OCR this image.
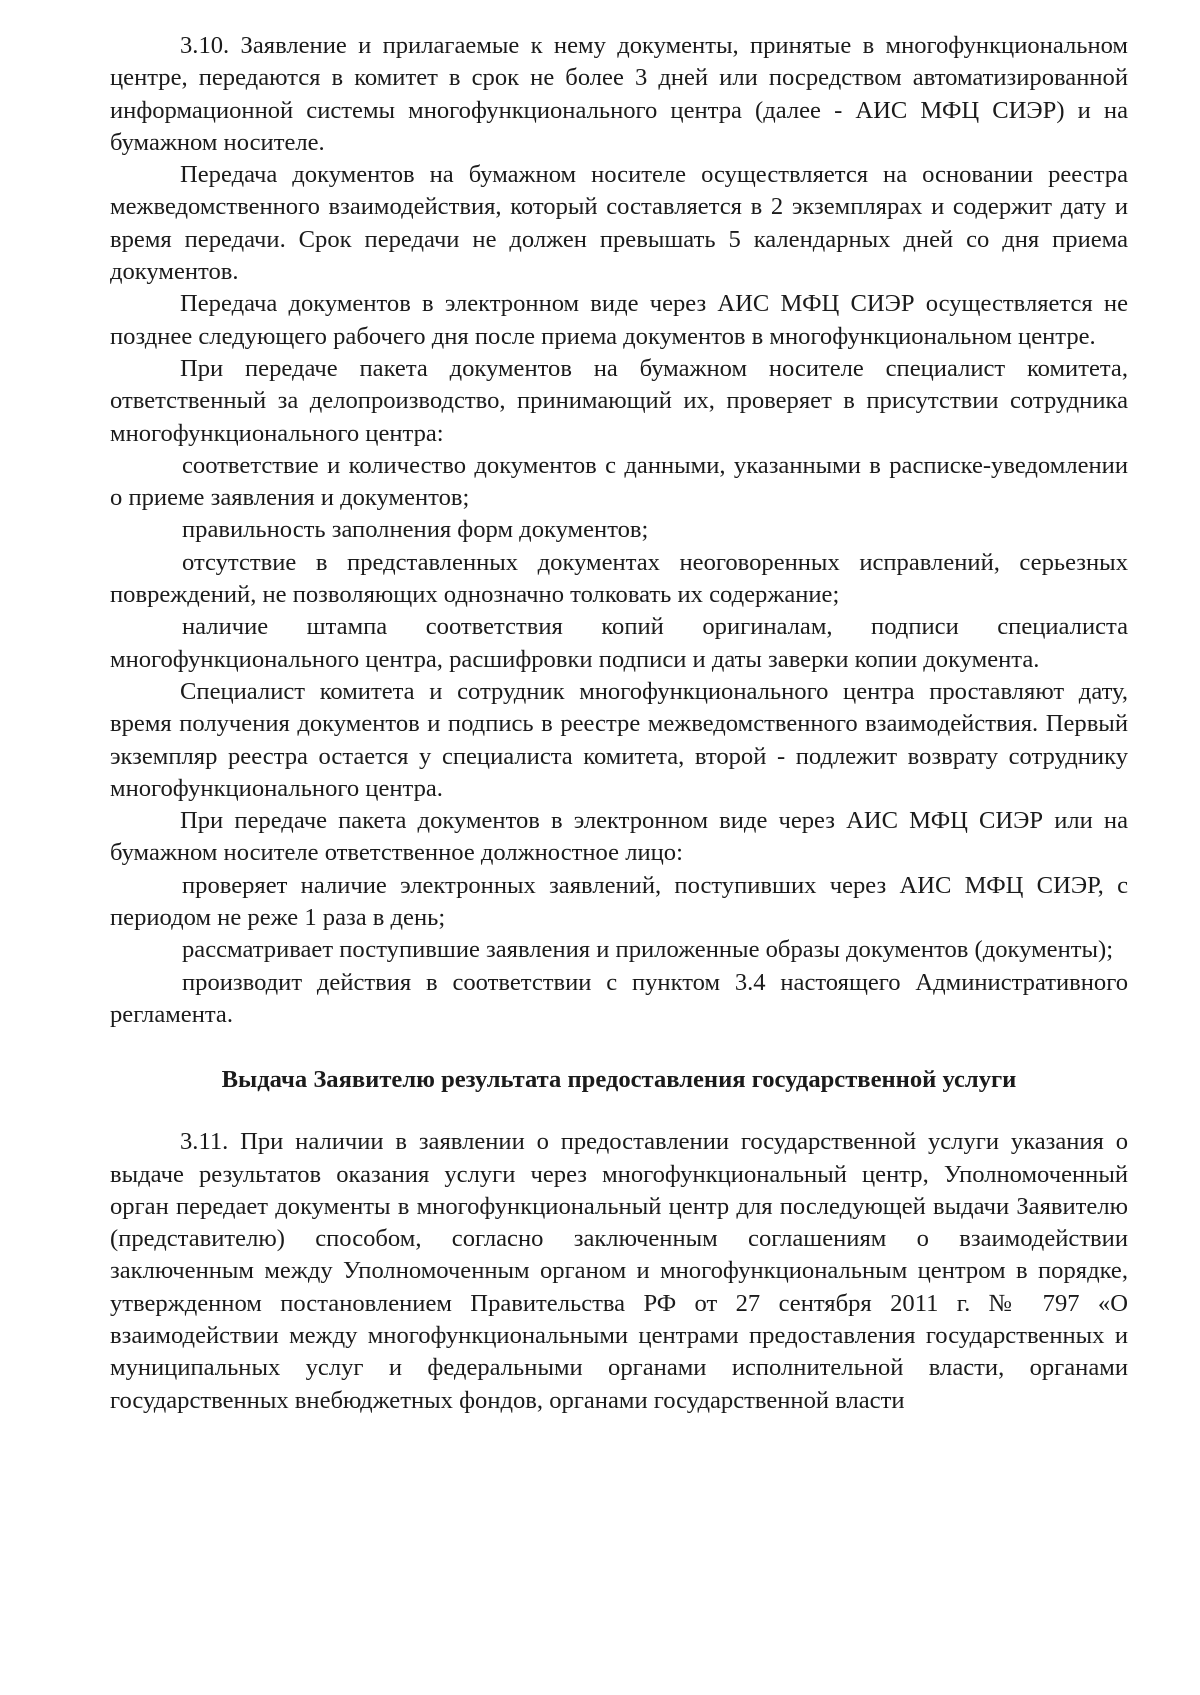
3.10. Заявление и прилагаемые к нему документы, принятые в многофункциональном центре, передаются в комитет в срок не более 3 дней или посредством автоматизированной информационной системы многофункционального центра (далее - АИС МФЦ СИЭР) и на бумажном носителе.

Передача документов на бумажном носителе осуществляется на основании реестра межведомственного взаимодействия, который составляется в 2 экземплярах и содержит дату и время передачи. Срок передачи не должен превышать 5 календарных дней со дня приема документов.

Передача документов в электронном виде через АИС МФЦ СИЭР осуществляется не позднее следующего рабочего дня после приема документов в многофункциональном центре.

При передаче пакета документов на бумажном носителе специалист комитета, ответственный за делопроизводство, принимающий их, проверяет в присутствии сотрудника многофункционального центра:

соответствие и количество документов с данными, указанными в расписке-уведомлении о приеме заявления и документов;

правильность заполнения форм документов;

отсутствие в представленных документах неоговоренных исправлений, серьезных повреждений, не позволяющих однозначно толковать их содержание;

наличие штампа соответствия копий оригиналам, подписи специалиста многофункционального центра, расшифровки подписи и даты заверки копии документа.

Специалист комитета и сотрудник многофункционального центра проставляют дату, время получения документов и подпись в реестре межведомственного взаимодействия. Первый экземпляр реестра остается у специалиста комитета, второй - подлежит возврату сотруднику многофункционального центра.

При передаче пакета документов в электронном виде через АИС МФЦ СИЭР или на бумажном носителе ответственное должностное лицо:

проверяет наличие электронных заявлений, поступивших через АИС МФЦ СИЭР, с периодом не реже 1 раза в день;

рассматривает поступившие заявления и приложенные образы документов (документы);

производит действия в соответствии с пунктом 3.4 настоящего Административного регламента.

Выдача Заявителю результата предоставления государственной услуги

3.11. При наличии в заявлении о предоставлении государственной услуги указания о выдаче результатов оказания услуги через многофункциональный центр, Уполномоченный орган передает документы в многофункциональный центр для последующей выдачи Заявителю (представителю) способом, согласно заключенным соглашениям о взаимодействии заключенным между Уполномоченным органом и многофункциональным центром в порядке, утвержденном постановлением Правительства РФ от 27 сентября 2011 г. № 797 «О взаимодействии между многофункциональными центрами предоставления государственных и муниципальных услуг и федеральными органами исполнительной власти, органами государственных внебюджетных фондов, органами государственной власти
